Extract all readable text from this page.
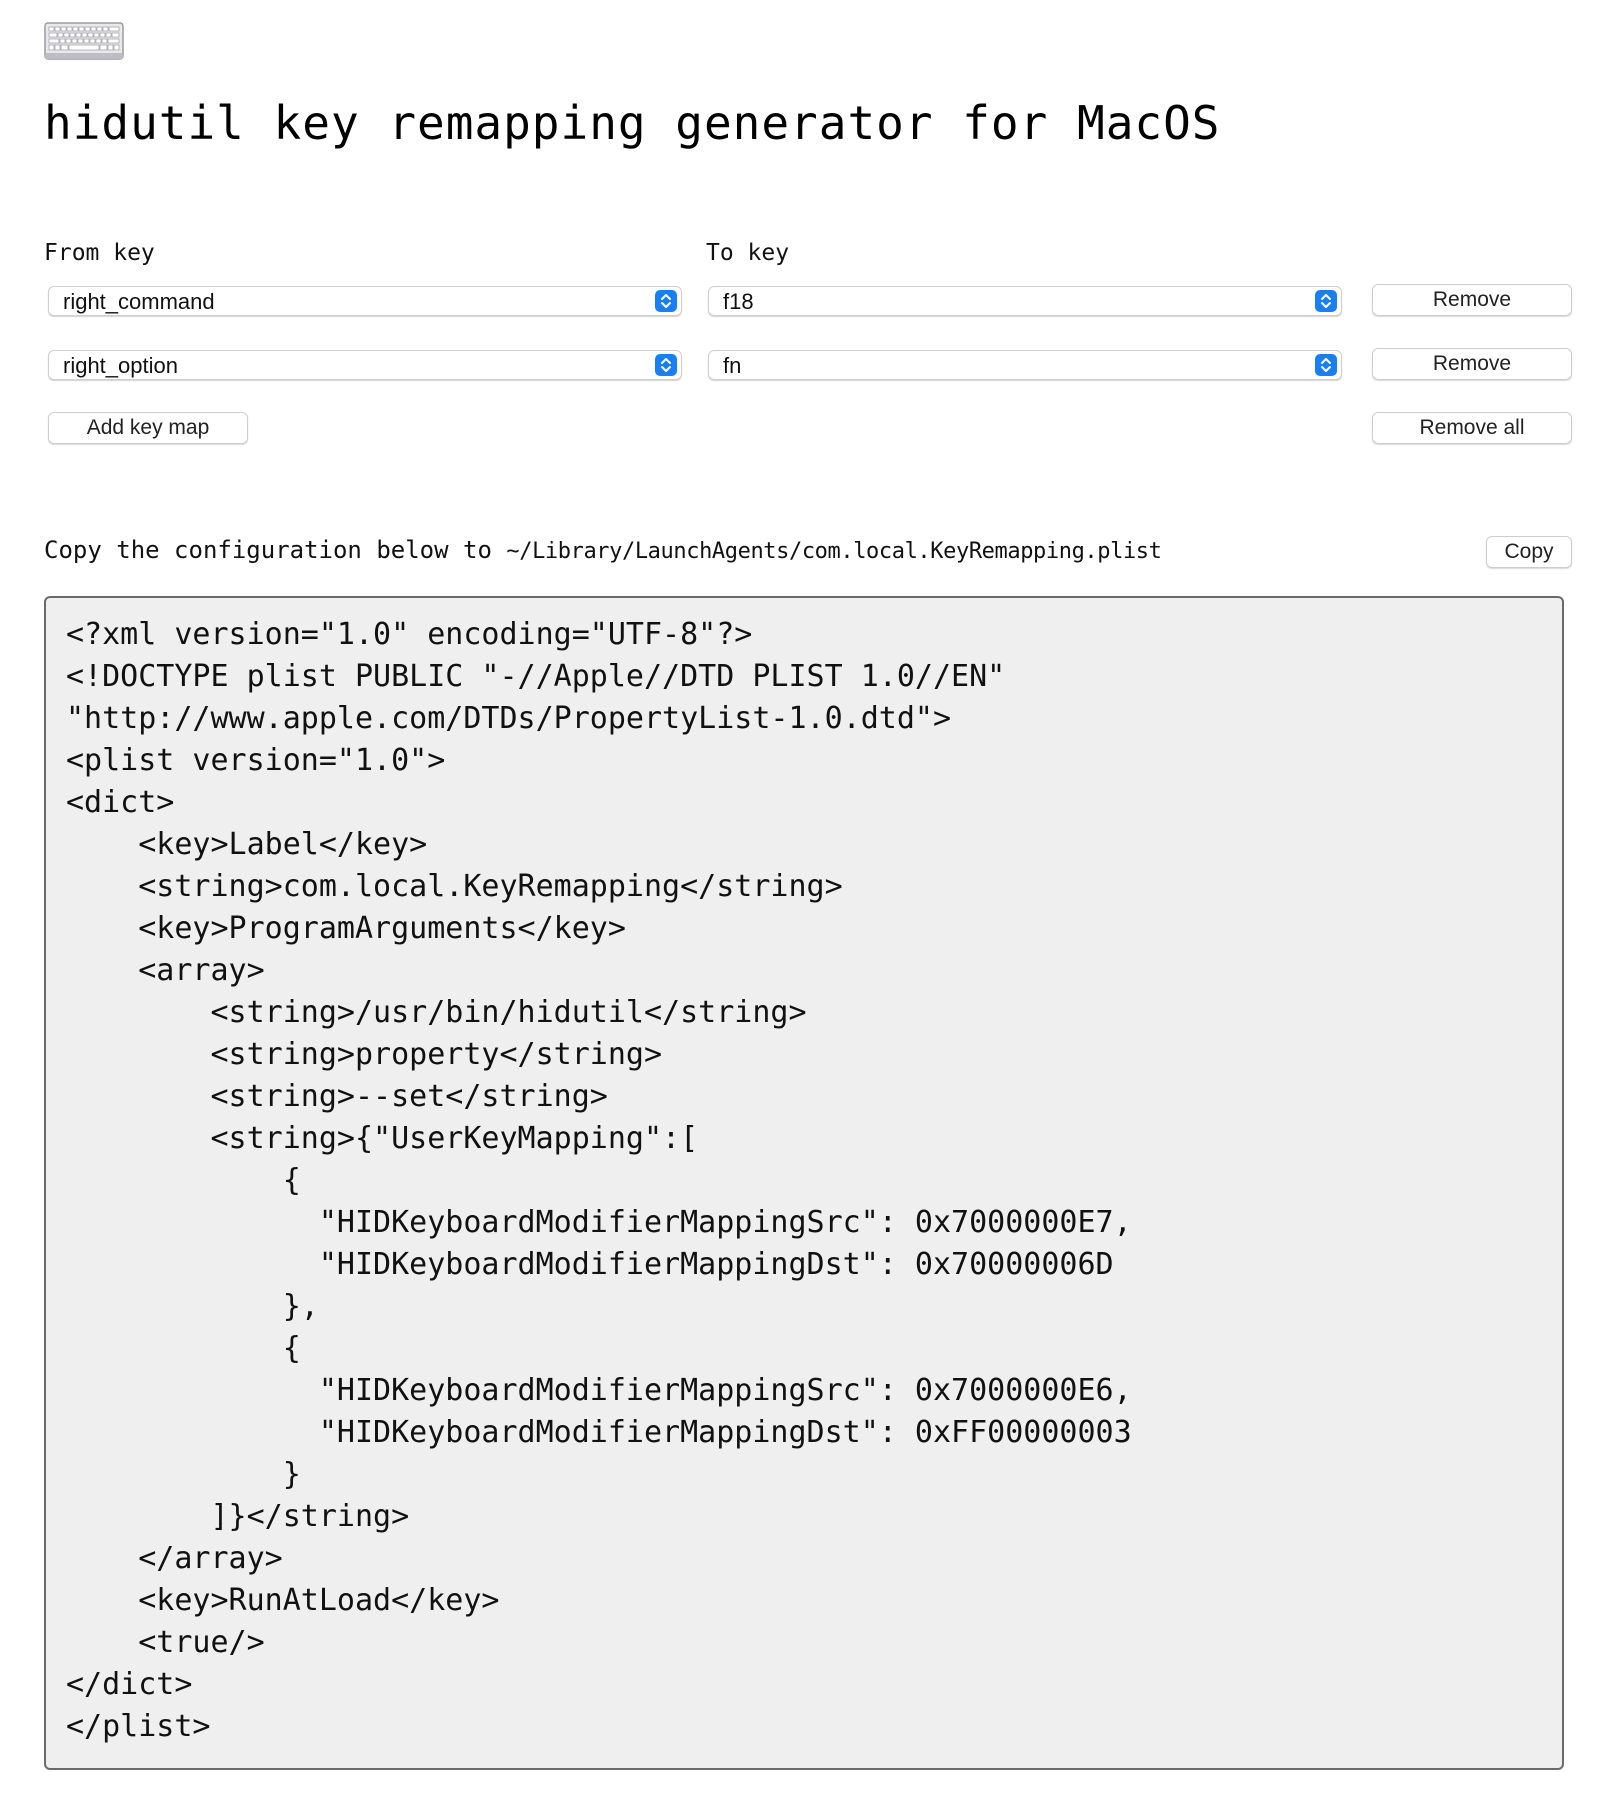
hidutil key remapping generator for MacOS
From key	To key
right_command	f18	Remove
right_option	fn	Remove
Add key map	Remove all
Copy the configuration below to ~/Library/LaunchAgents/com.local.KeyRemapping.plist	Copy
<?xml version="1.0" encoding="UTF-8"?>
<!DOCTYPE plist PUBLIC "-//Apple//DTD PLIST 1.0//EN"
"http://www.apple.com/DTDs/PropertyList-1.0.dtd">
<plist version="1.0">
<dict>
<key>Label</key>
<string>com.local.KeyRemapping</string>
<key>ProgramArguments</key>
<array>
<string>/usr/bin/hidutil</string>
<string>property</string>
<string>--set</string>
<string>{"UserKeyMapping":[
{
"HIDKeyboardModifierMappingSrc": 0x7000000E7,
"HIDKeyboardModifierMappingDst": 0x70000006D
},
{
"HIDKeyboardModifierMappingSrc": 0x7000000E6,
"HIDKeyboardModifierMappingDst": 0xFF00000003
}
]}</string>
</array>
<key>RunAtLoad</key>
<true/>
</dict>
</plist>
